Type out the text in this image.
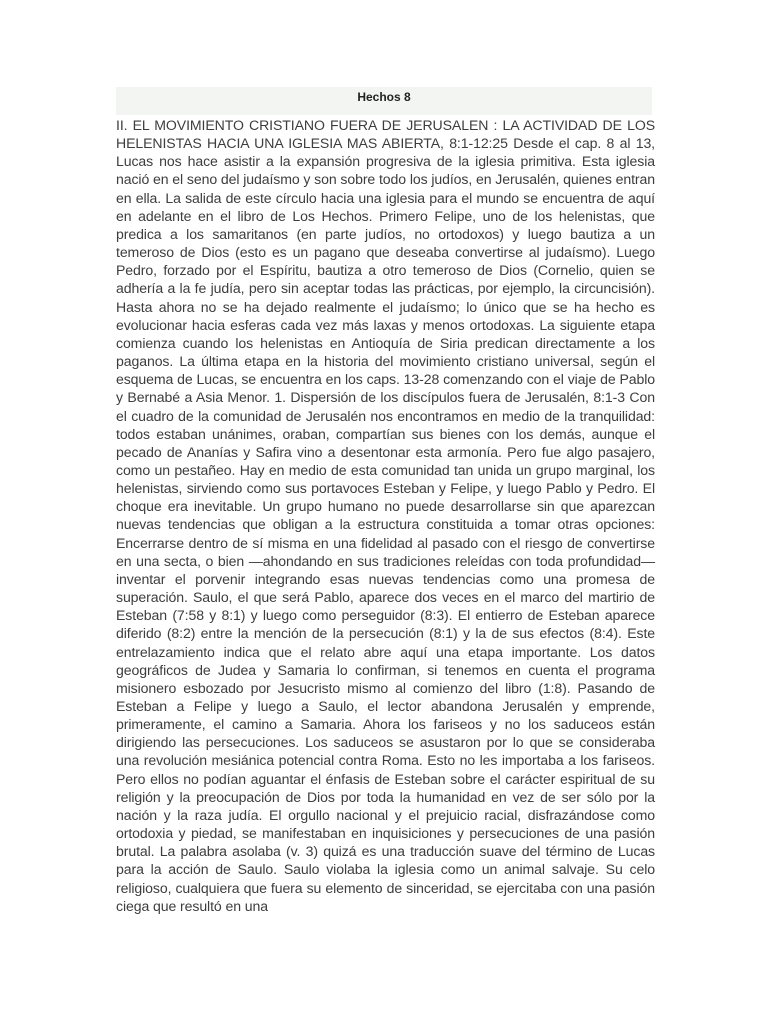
Hechos 8
II. EL MOVIMIENTO CRISTIANO FUERA DE JERUSALEN : LA ACTIVIDAD DE LOS HELENISTAS HACIA UNA IGLESIA MAS ABIERTA, 8:1-12:25 Desde el cap. 8 al 13, Lucas nos hace asistir a la expansión progresiva de la iglesia primitiva. Esta iglesia nació en el seno del judaísmo y son sobre todo los judíos, en Jerusalén, quienes entran en ella. La salida de este círculo hacia una iglesia para el mundo se encuentra de aquí en adelante en el libro de Los Hechos. Primero Felipe, uno de los helenistas, que predica a los samaritanos (en parte judíos, no ortodoxos) y luego bautiza a un temeroso de Dios (esto es un pagano que deseaba convertirse al judaísmo). Luego Pedro, forzado por el Espíritu, bautiza a otro temeroso de Dios (Cornelio, quien se adhería a la fe judía, pero sin aceptar todas las prácticas, por ejemplo, la circuncisión). Hasta ahora no se ha dejado realmente el judaísmo; lo único que se ha hecho es evolucionar hacia esferas cada vez más laxas y menos ortodoxas. La siguiente etapa comienza cuando los helenistas en Antioquía de Siria predican directamente a los paganos. La última etapa en la historia del movimiento cristiano universal, según el esquema de Lucas, se encuentra en los caps. 13-28 comenzando con el viaje de Pablo y Bernabé a Asia Menor. 1. Dispersión de los discípulos fuera de Jerusalén, 8:1-3 Con el cuadro de la comunidad de Jerusalén nos encontramos en medio de la tranquilidad: todos estaban unánimes, oraban, compartían sus bienes con los demás, aunque el pecado de Ananías y Safira vino a desentonar esta armonía. Pero fue algo pasajero, como un pestañeo. Hay en medio de esta comunidad tan unida un grupo marginal, los helenistas, sirviendo como sus portavoces Esteban y Felipe, y luego Pablo y Pedro. El choque era inevitable. Un grupo humano no puede desarrollarse sin que aparezcan nuevas tendencias que obligan a la estructura constituida a tomar otras opciones: Encerrarse dentro de sí misma en una fidelidad al pasado con el riesgo de convertirse en una secta, o bien —ahondando en sus tradiciones releídas con toda profundidad— inventar el porvenir integrando esas nuevas tendencias como una promesa de superación. Saulo, el que será Pablo, aparece dos veces en el marco del martirio de Esteban (7:58 y 8:1) y luego como perseguidor (8:3). El entierro de Esteban aparece diferido (8:2) entre la mención de la persecución (8:1) y la de sus efectos (8:4). Este entrelazamiento indica que el relato abre aquí una etapa importante. Los datos geográficos de Judea y Samaria lo confirman, si tenemos en cuenta el programa misionero esbozado por Jesucristo mismo al comienzo del libro (1:8). Pasando de Esteban a Felipe y luego a Saulo, el lector abandona Jerusalén y emprende, primeramente, el camino a Samaria. Ahora los fariseos y no los saduceos están dirigiendo las persecuciones. Los saduceos se asustaron por lo que se consideraba una revolución mesiánica potencial contra Roma. Esto no les importaba a los fariseos. Pero ellos no podían aguantar el énfasis de Esteban sobre el carácter espiritual de su religión y la preocupación de Dios por toda la humanidad en vez de ser sólo por la nación y la raza judía. El orgullo nacional y el prejuicio racial, disfrazándose como ortodoxia y piedad, se manifestaban en inquisiciones y persecuciones de una pasión brutal. La palabra asolaba (v. 3) quizá es una traducción suave del término de Lucas para la acción de Saulo. Saulo violaba la iglesia como un animal salvaje. Su celo religioso, cualquiera que fuera su elemento de sinceridad, se ejercitaba con una pasión ciega que resultó en una
